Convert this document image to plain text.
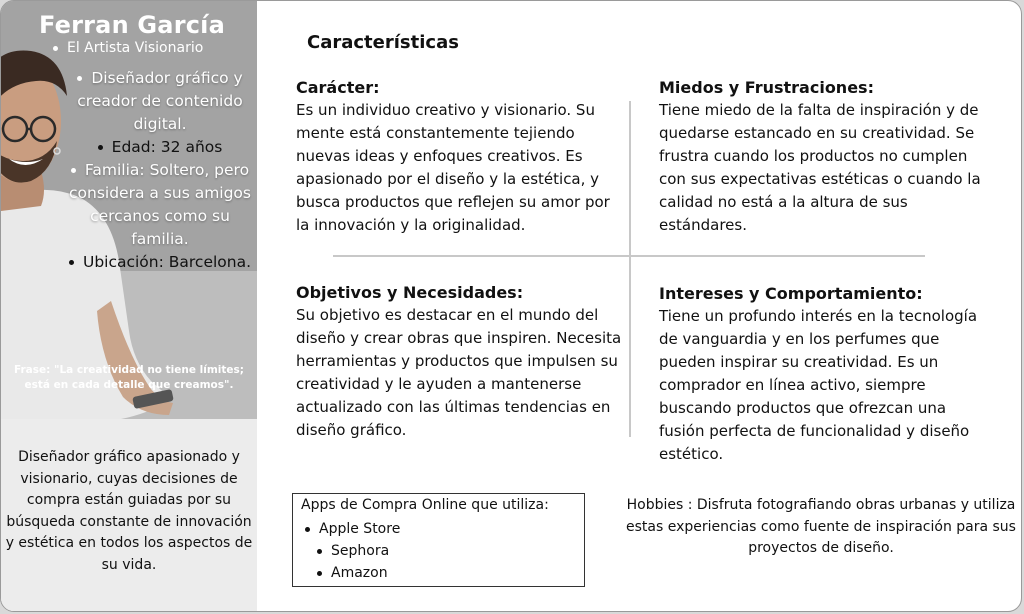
Ferran García
El Artista Visionario
Diseñador gráfico y creador de contenido digital.
Edad: 32 años
Familia: Soltero, pero considera a sus amigos cercanos como su familia.
Ubicación: Barcelona.
Frase: "La creatividad no tiene límites; está en cada detalle que creamos".
Diseñador gráfico apasionado y visionario, cuyas decisiones de compra están guiadas por su búsqueda constante de innovación y estética en todos los aspectos de su vida.
Características
Carácter:

Es un individuo creativo y visionario. Su mente está constantemente tejiendo nuevas ideas y enfoques creativos. Es apasionado por el diseño y la estética, y busca productos que reflejen su amor por la innovación y la originalidad.

Miedos y Frustraciones:

Tiene miedo de la falta de inspiración y de quedarse estancado en su creatividad. Se frustra cuando los productos no cumplen con sus expectativas estéticas o cuando la calidad no está a la altura de sus estándares.

Objetivos y Necesidades:

Su objetivo es destacar en el mundo del diseño y crear obras que inspiren. Necesita herramientas y productos que impulsen su creatividad y le ayuden a mantenerse actualizado con las últimas tendencias en diseño gráfico.

Intereses y Comportamiento:

Tiene un profundo interés en la tecnología de vanguardia y en los perfumes que pueden inspirar su creatividad. Es un comprador en línea activo, siempre buscando productos que ofrezcan una fusión perfecta de funcionalidad y diseño estético.

Apps de Compra Online que utiliza:
Apple Store
Sephora
Amazon
Hobbies : Disfruta fotografiando obras urbanas y utiliza estas experiencias como fuente de inspiración para sus proyectos de diseño.
